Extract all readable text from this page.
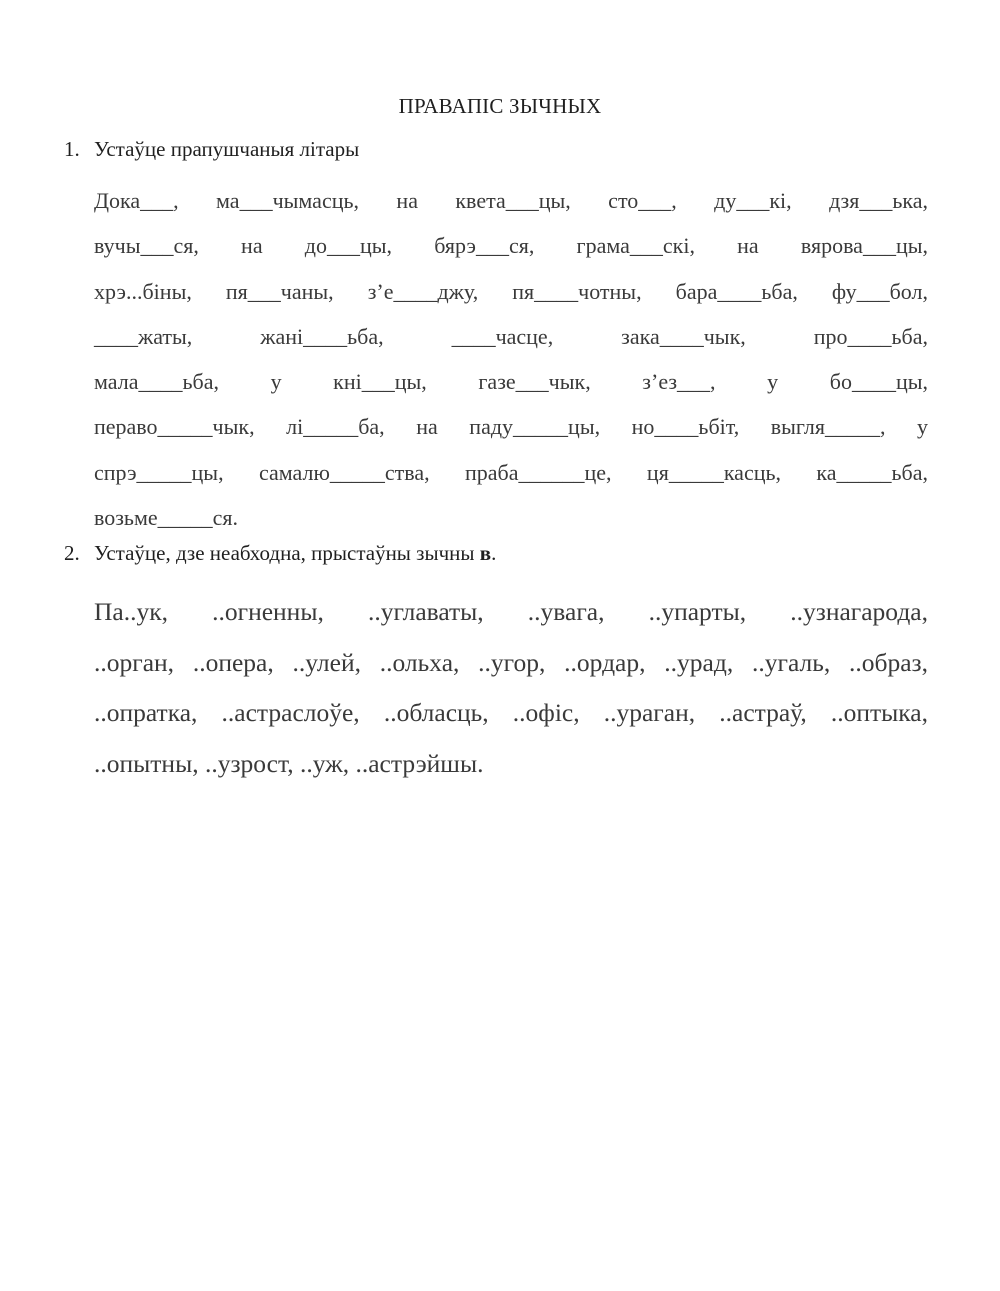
ПРАВАПІС ЗЫЧНЫХ
1. Устаўце прапушчаныя літары
Дока___, ма___чымасць, на квета___цы, сто___, ду___кі, дзя___ька,
вучы___ся, на до___цы, бярэ___ся, грама___скі, на вярова___цы,
хрэ...біны, пя___чаны, з’е____джу, пя____чотны, бара____ьба, фу___бол,
____жаты, жані____ьба, ____часце, зака____чык, про____ьба,
мала____ьба, у кні___цы, газе___чык, з’ез___, у бо____цы,
пераво_____чык, лі_____ба, на паду_____цы, но____ьбіт, выгля_____, у
спрэ_____цы, самалю_____ства, праба______це, ця_____касць, ка_____ьба,
возьме_____ся.
2. Устаўце, дзе неабходна, прыстаўны зычны в.
Па..ук, ..огненны, ..углаваты, ..увага, ..упарты, ..узнагарода,
..орган, ..опера, ..улей, ..ольха, ..угор, ..ордар, ..урад, ..угаль, ..образ,
..опратка, ..астраслоўе, ..обласць, ..офіс, ..ураган, ..астраў, ..оптыка,
..опытны, ..узрост, ..уж, ..астрэйшы.
